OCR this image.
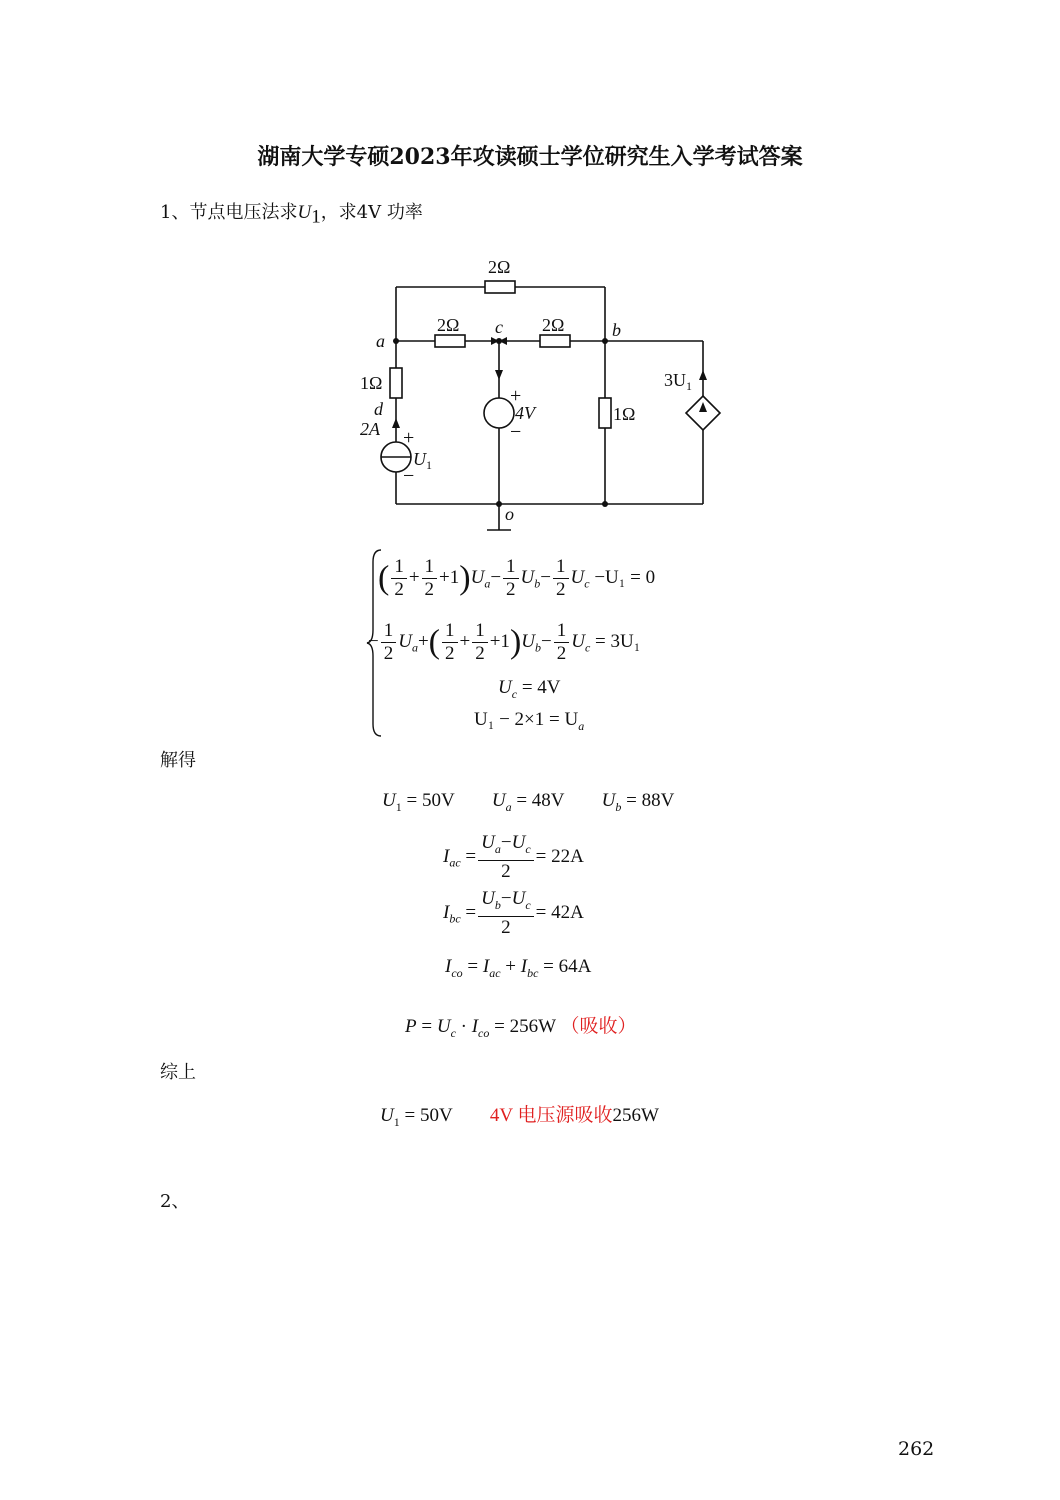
湖南大学专硕2023年攻读硕士学位研究生入学考试答案
1、节点电压法求$U_1$，求4V 功率
2Ω
2Ω	2Ω
1Ω
1Ω
a
b
c
d
o
4V
2A
$U_1$
$3U_1$
+
−
+
−
( $\frac{1}{2} + \frac{1}{2} +1)U_a- \frac{1}{2} U_b- \frac{1}{2} U_c -U_1 = 0$
− $\frac{1}{2} U_a+( \frac{1}{2} + \frac{1}{2} +1)U_b- \frac{1}{2} U_c = 3U_1$
$U_c = 4V$
$U_1 - 2\times 1 = U_a$
解得
$U_1 = 50V$ $U_a = 48V$ $U_b = 88V$
$I_{ac} = \frac{U_a-U_c}{2} = 22A$
$I_{bc} = \frac{U_b-U_c}{2} = 42A$
$I_{co} = I_{ac} + I_{bc} = 64A$
$P = U_c \cdot I_{co} = 256W$ （吸收）
综上
$U_1 = 50V$ 4V 电压源吸收256W
2、
262
